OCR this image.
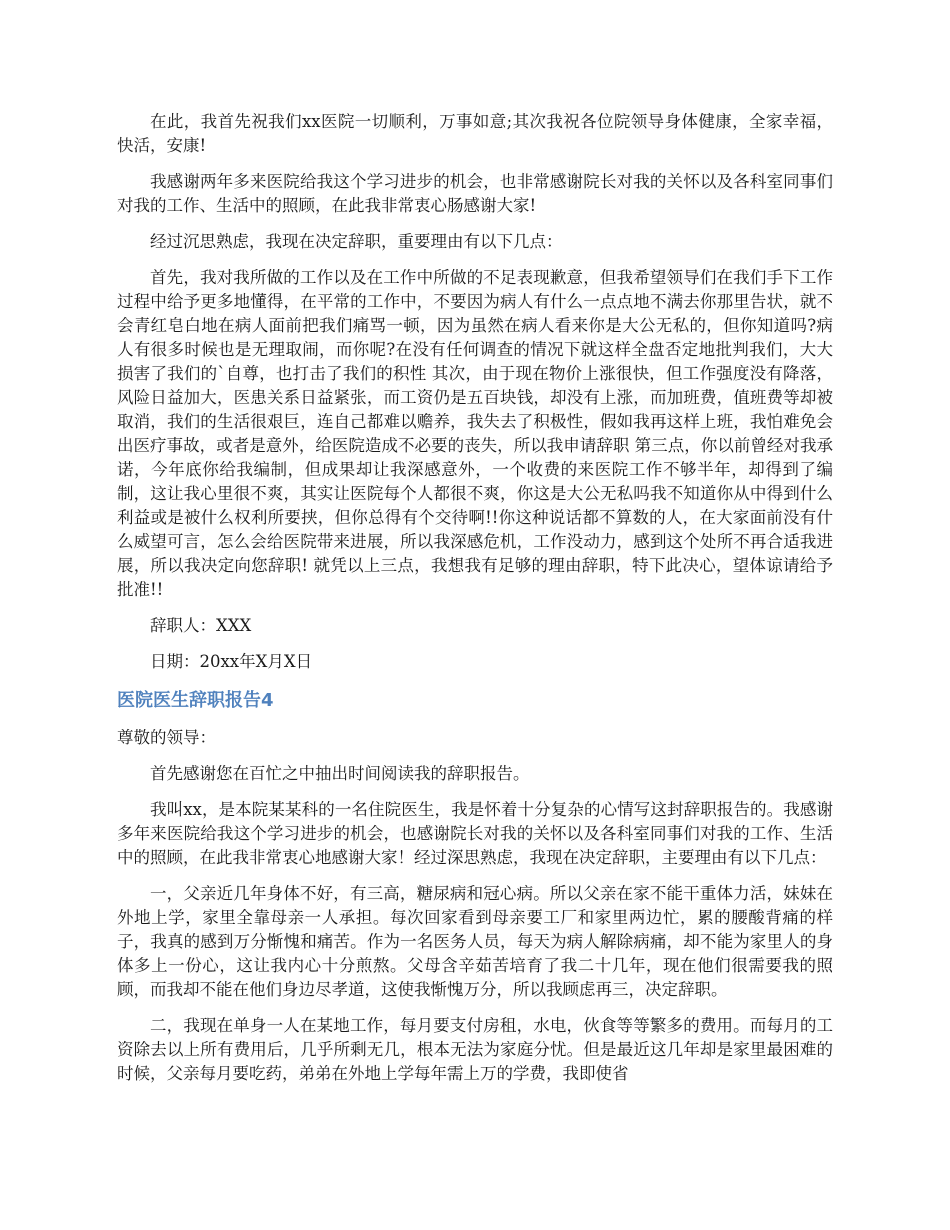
在此，我首先祝我们xx医院一切顺利，万事如意;其次我祝各位院领导身体健康，全家幸福，快活，安康!

我感谢两年多来医院给我这个学习进步的机会，也非常感谢院长对我的关怀以及各科室同事们对我的工作、生活中的照顾，在此我非常衷心肠感谢大家!

经过沉思熟虑，我现在决定辞职，重要理由有以下几点：

首先，我对我所做的工作以及在工作中所做的不足表现歉意，但我希望领导们在我们手下工作过程中给予更多地懂得，在平常的工作中，不要因为病人有什么一点点地不满去你那里告状，就不会青红皂白地在病人面前把我们痛骂一顿，因为虽然在病人看来你是大公无私的，但你知道吗?病人有很多时候也是无理取闹，而你呢?在没有任何调查的情况下就这样全盘否定地批判我们，大大损害了我们的`自尊，也打击了我们的积性 其次，由于现在物价上涨很快，但工作强度没有降落，风险日益加大，医患关系日益紧张，而工资仍是五百块钱，却没有上涨，而加班费，值班费等却被取消，我们的生活很艰巨，连自己都难以赡养，我失去了积极性，假如我再这样上班，我怕难免会出医疗事故，或者是意外，给医院造成不必要的丧失，所以我申请辞职 第三点，你以前曾经对我承诺，今年底你给我编制，但成果却让我深感意外，一个收费的来医院工作不够半年，却得到了编制，这让我心里很不爽，其实让医院每个人都很不爽，你这是大公无私吗我不知道你从中得到什么利益或是被什么权利所要挟，但你总得有个交待啊!!你这种说话都不算数的人，在大家面前没有什么威望可言，怎么会给医院带来进展，所以我深感危机，工作没动力，感到这个处所不再合适我进展，所以我决定向您辞职! 就凭以上三点，我想我有足够的理由辞职，特下此决心，望体谅请给予批准!!

辞职人：XXX

日期：20xx年X月X日

医院医生辞职报告4

尊敬的领导：

首先感谢您在百忙之中抽出时间阅读我的辞职报告。

我叫xx，是本院某某科的一名住院医生，我是怀着十分复杂的心情写这封辞职报告的。我感谢多年来医院给我这个学习进步的机会，也感谢院长对我的关怀以及各科室同事们对我的工作、生活中的照顾，在此我非常衷心地感谢大家！经过深思熟虑，我现在决定辞职，主要理由有以下几点：

一，父亲近几年身体不好，有三高，糖尿病和冠心病。所以父亲在家不能干重体力活，妹妹在外地上学，家里全靠母亲一人承担。每次回家看到母亲要工厂和家里两边忙，累的腰酸背痛的样子，我真的感到万分惭愧和痛苦。作为一名医务人员，每天为病人解除病痛，却不能为家里人的身体多上一份心，这让我内心十分煎熬。父母含辛茹苦培育了我二十几年，现在他们很需要我的照顾，而我却不能在他们身边尽孝道，这使我惭愧万分，所以我顾虑再三，决定辞职。

二，我现在单身一人在某地工作，每月要支付房租，水电，伙食等等繁多的费用。而每月的工资除去以上所有费用后，几乎所剩无几，根本无法为家庭分忧。但是最近这几年却是家里最困难的时候，父亲每月要吃药，弟弟在外地上学每年需上万的学费，我即使省
